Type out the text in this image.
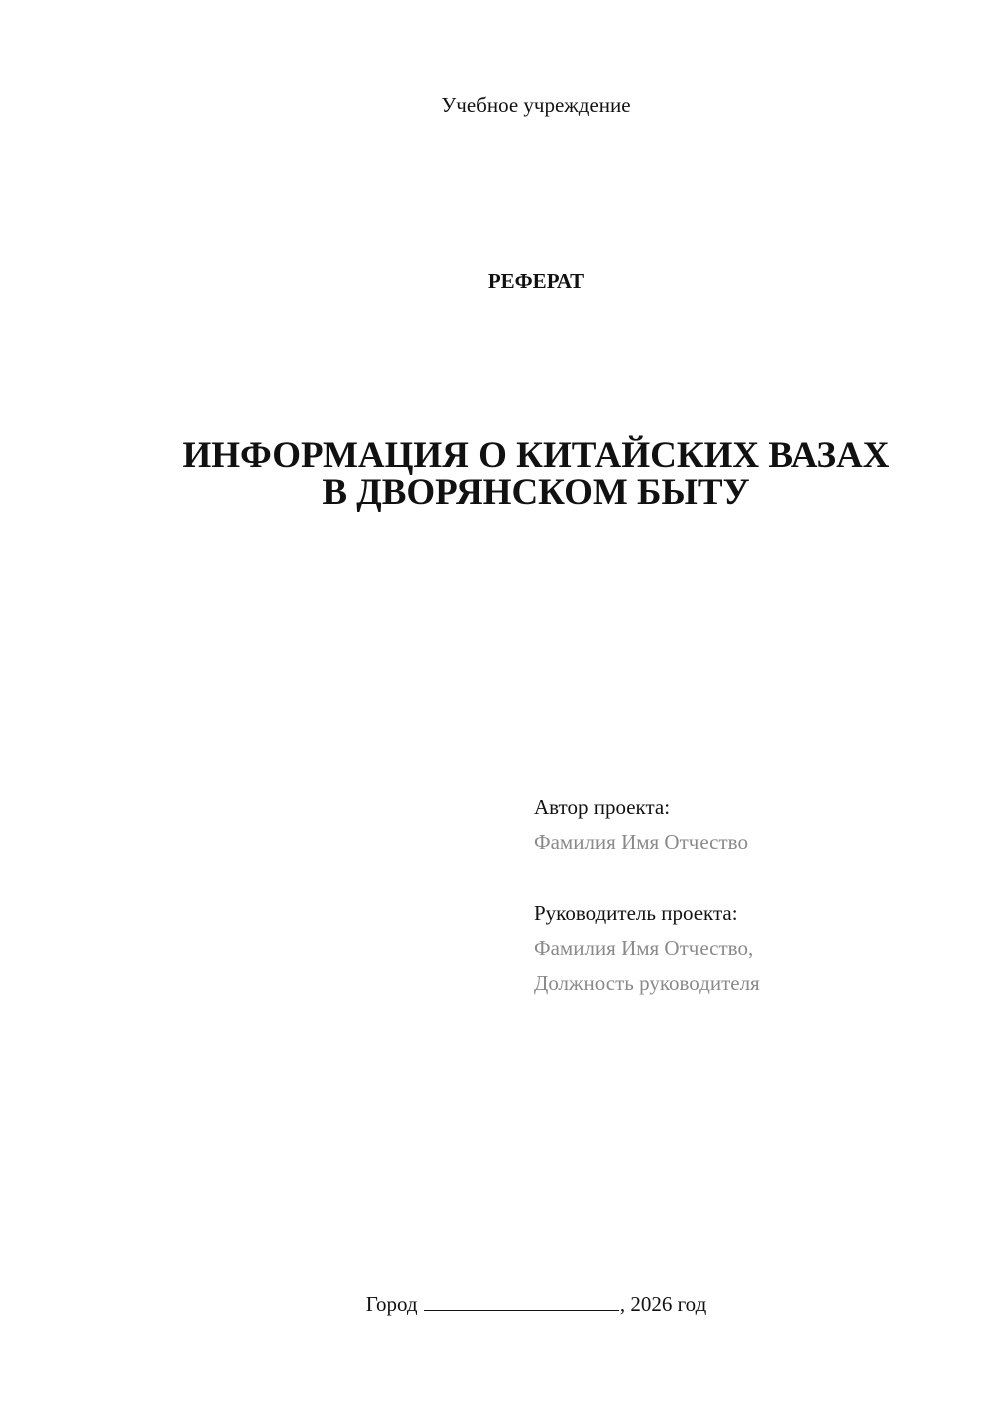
Учебное учреждение
РЕФЕРАТ
ИНФОРМАЦИЯ О КИТАЙСКИХ ВАЗАХ
В ДВОРЯНСКОМ БЫТУ
Автор проекта:
Фамилия Имя Отчество
Руководитель проекта:
Фамилия Имя Отчество,
Должность руководителя
Город	, 2026 год
